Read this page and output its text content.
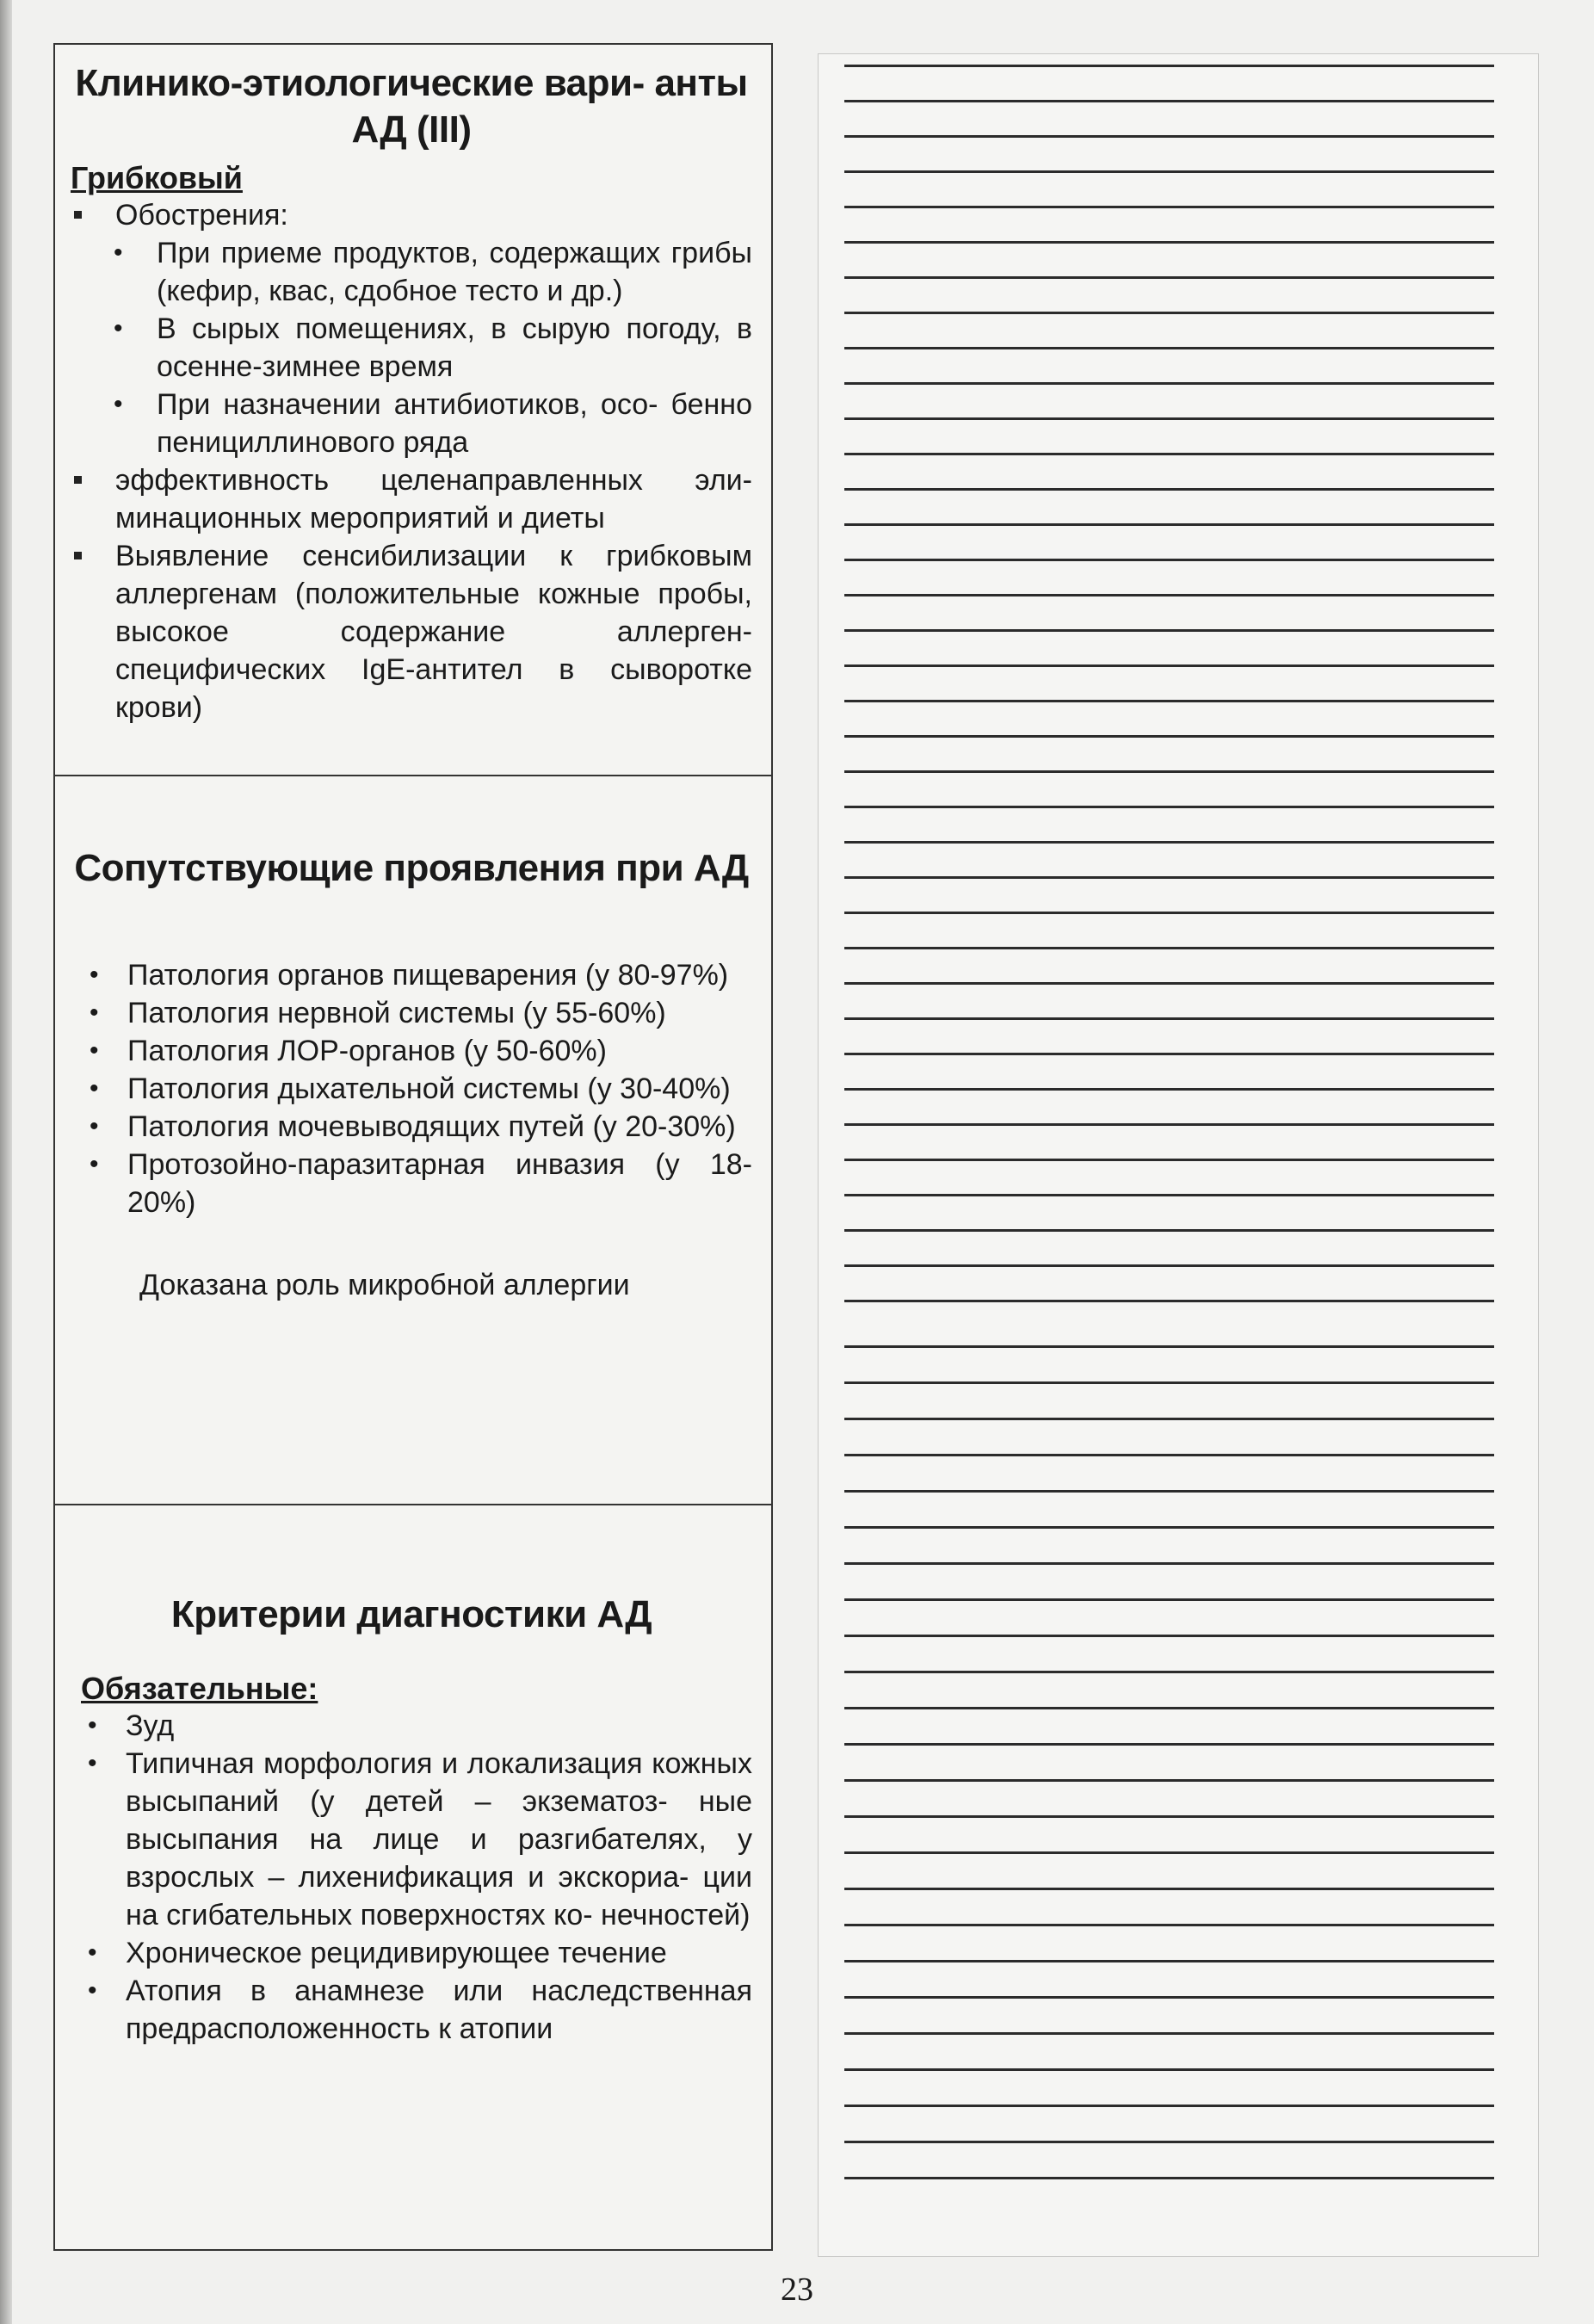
Клинико-этиологические вари- анты АД (III)

Грибковый

Обострения:
• При приеме продуктов, содержащих грибы (кефир, квас, сдобное тесто и др.)
• В сырых помещениях, в сырую погоду, в осенне-зимнее время
• При назначении антибиотиков, осо- бенно пенициллинового ряда
эффективность целенаправленных эли- минационных мероприятий и диеты
Выявление сенсибилизации к грибковым аллергенам (положительные кожные пробы, высокое содержание аллерген- специфических IgE-антител в сыворотке крови)
Сопутствующие проявления при АД
• Патология органов пищеварения (у 80-97%)
• Патология нервной системы (у 55-60%)
• Патология ЛОР-органов (у 50-60%)
• Патология дыхательной системы (у 30-40%)
• Патология мочевыводящих путей (у 20-30%)
• Протозойно-паразитарная инвазия (у 18-20%)

Доказана роль микробной аллергии

Критерии диагностики АД

Обязательные:

• Зуд
• Типичная морфология и локализация кожных высыпаний (у детей – экзематоз- ные высыпания на лице и разгибателях, у взрослых – лихенификация и экскориа- ции на сгибательных поверхностях ко- нечностей)
• Хроническое рецидивирующее течение
• Атопия в анамнезе или наследственная предрасположенность к атопии
23
